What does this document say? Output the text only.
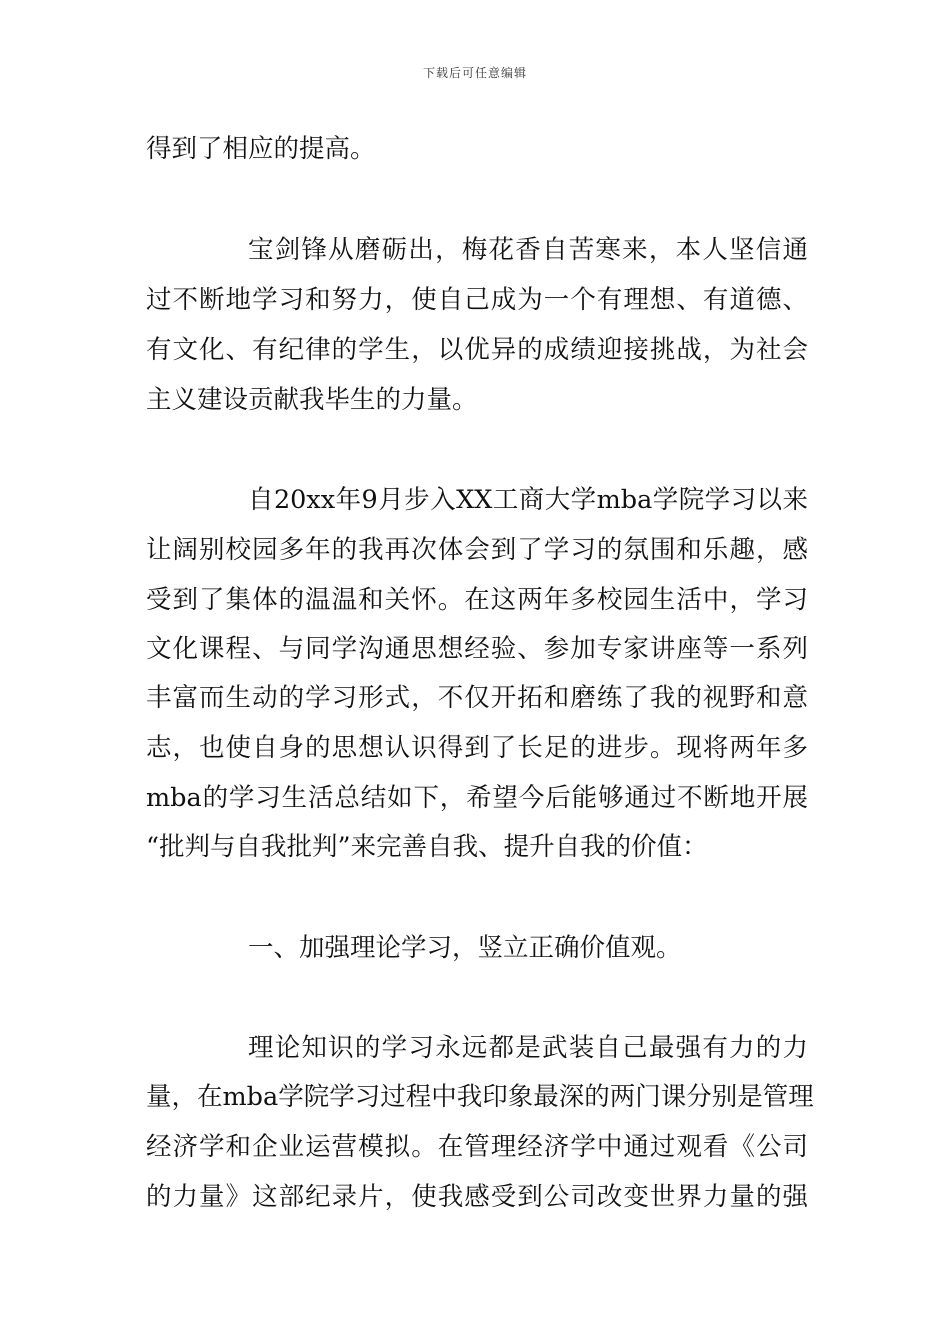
下载后可任意编辑
得到了相应的提高。
宝剑锋从磨砺出，梅花香自苦寒来，本人坚信通
过不断地学习和努力，使自己成为一个有理想、有道德、
有文化、有纪律的学生，以优异的成绩迎接挑战，为社会
主义建设贡献我毕生的力量。
自20xx年9月步入XX工商大学mba学院学习以来
让阔别校园多年的我再次体会到了学习的氛围和乐趣，感
受到了集体的温温和关怀。在这两年多校园生活中，学习
文化课程、与同学沟通思想经验、参加专家讲座等一系列
丰富而生动的学习形式，不仅开拓和磨练了我的视野和意
志，也使自身的思想认识得到了长足的进步。现将两年多
mba的学习生活总结如下，希望今后能够通过不断地开展
“批判与自我批判”来完善自我、提升自我的价值：
一、加强理论学习，竖立正确价值观。
理论知识的学习永远都是武装自己最强有力的力
量，在mba学院学习过程中我印象最深的两门课分别是管理
经济学和企业运营模拟。在管理经济学中通过观看《公司
的力量》这部纪录片，使我感受到公司改变世界力量的强
